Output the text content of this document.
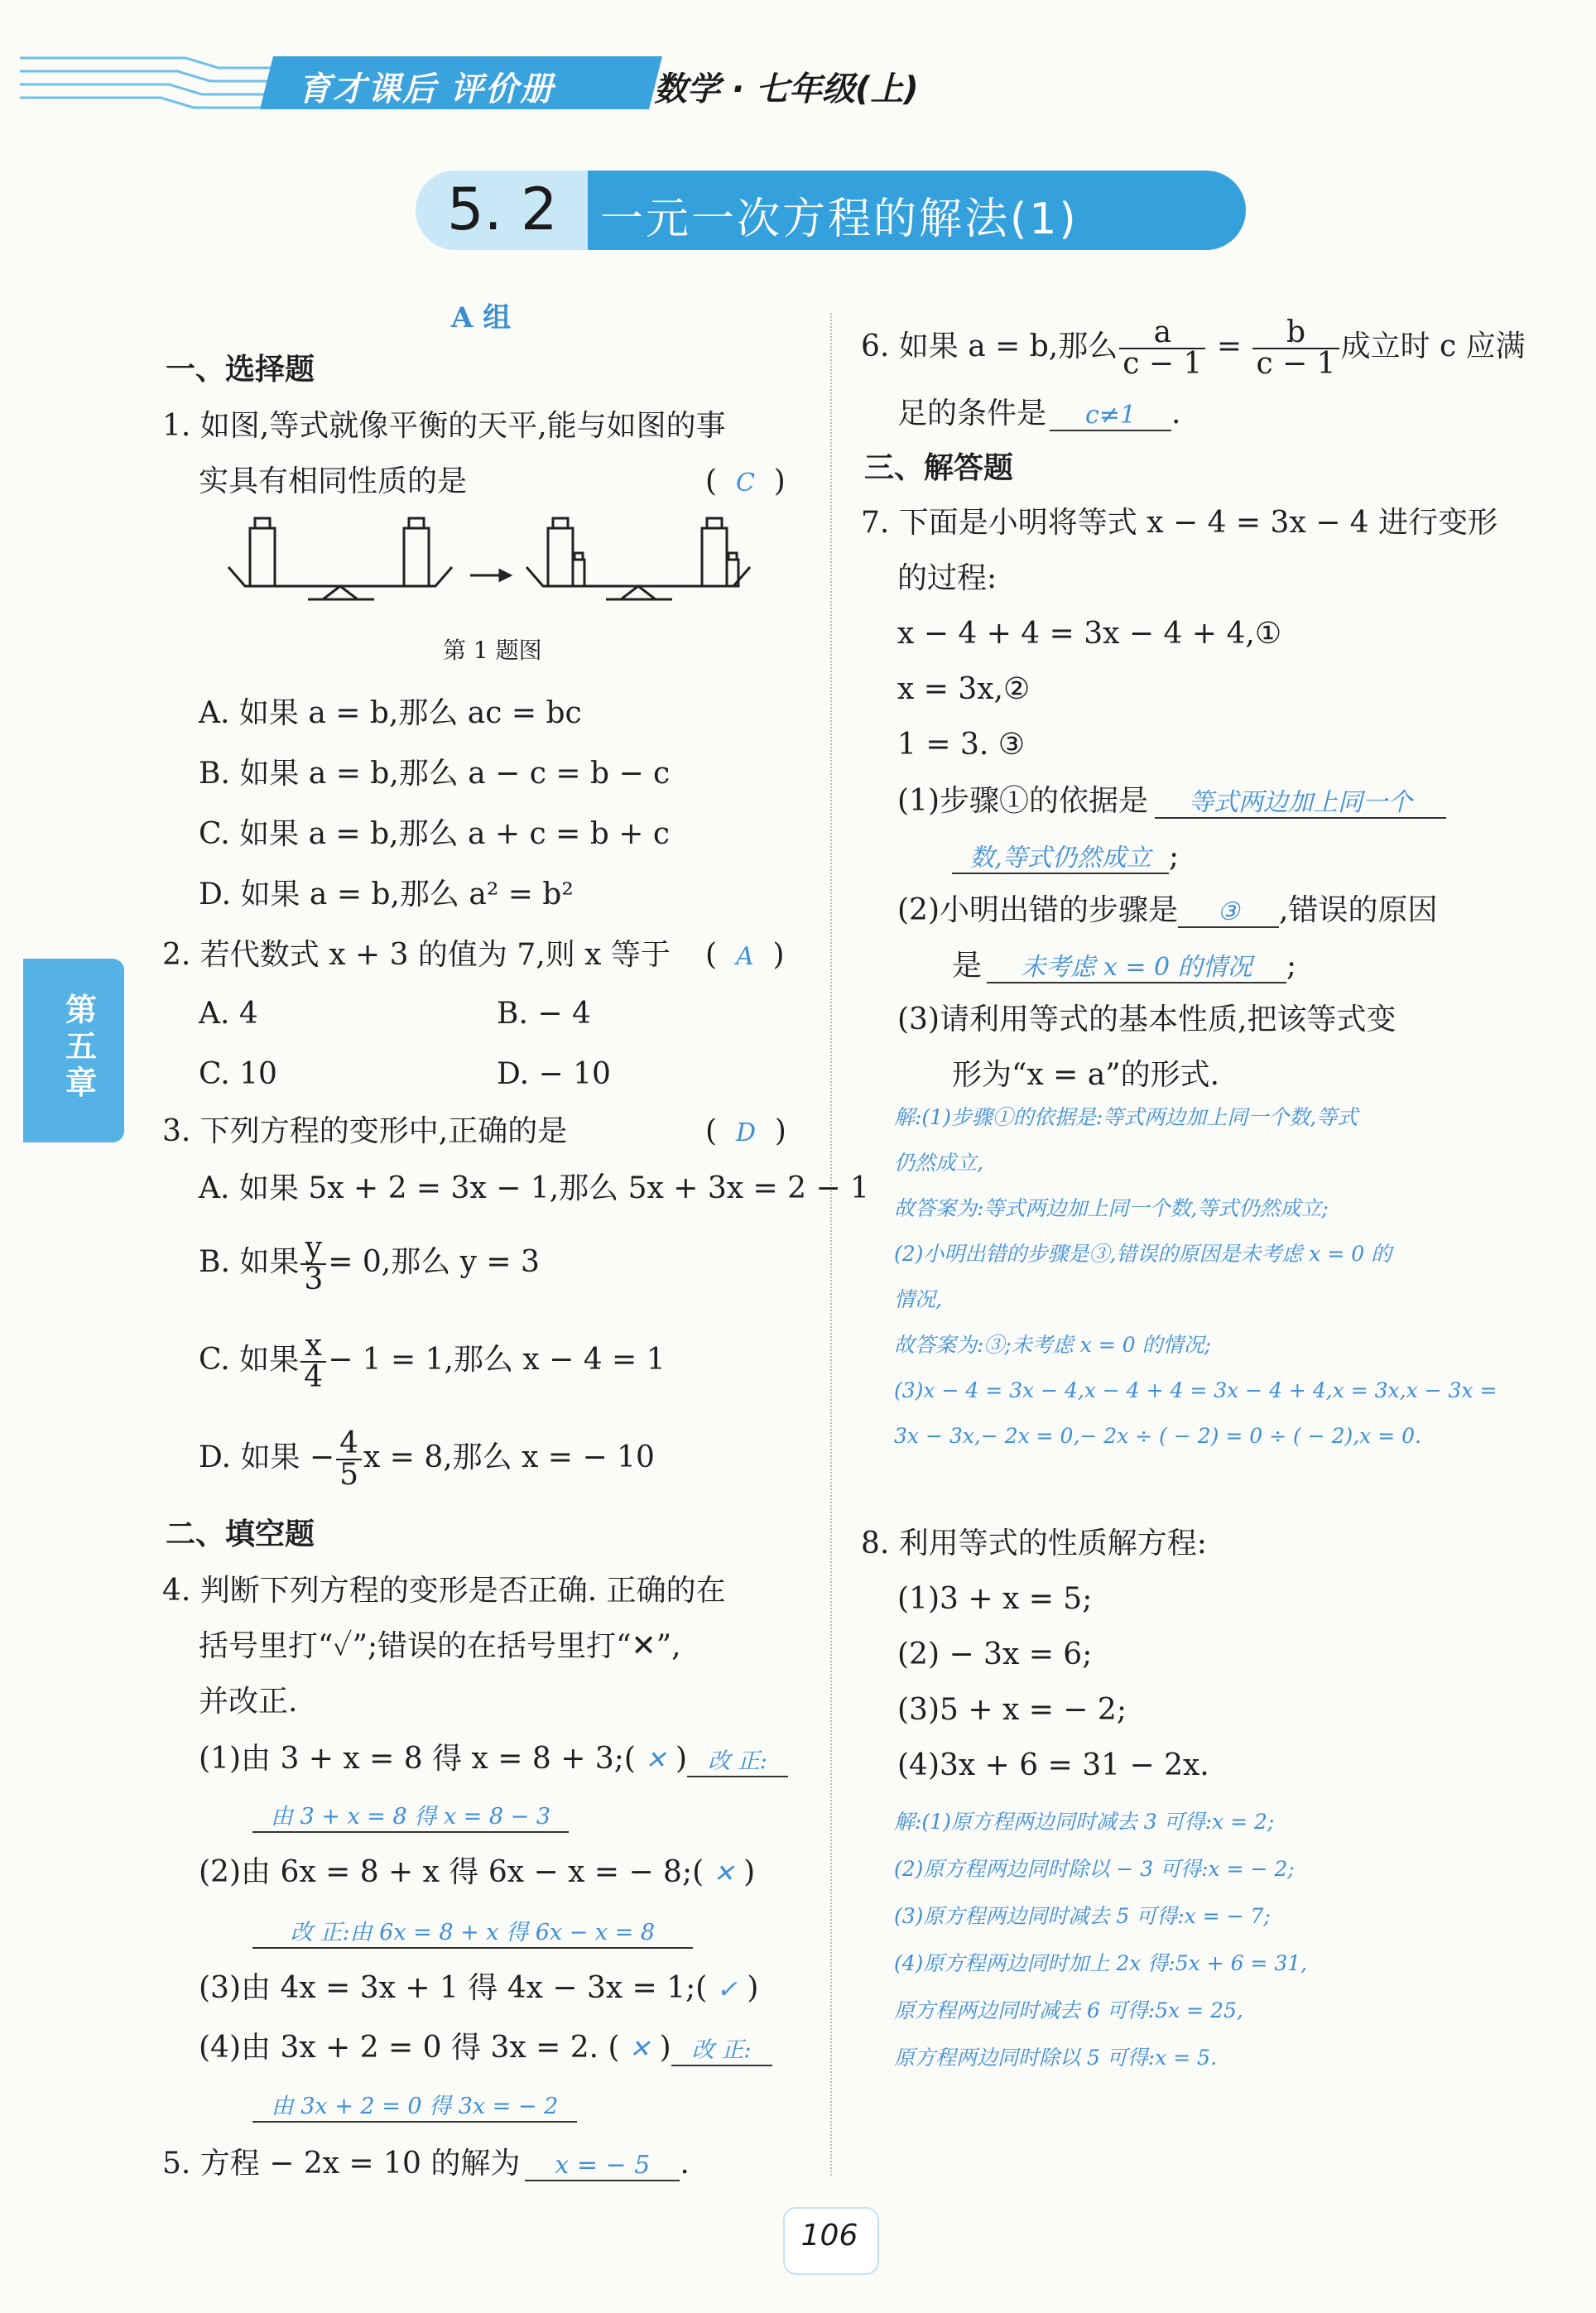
育才课后 评价册	数学 · 七年级(上)
5. 2 一元一次方程的解法(1)
第五章
A 组
一、选择题
1. 如图,等式就像平衡的天平,能与如图的事
实具有相同性质的是	(  C  )
第 1 题图
A. 如果 a = b,那么 ac = bc
B. 如果 a = b,那么 a − c = b − c
C. 如果 a = b,那么 a + c = b + c
D. 如果 a = b,那么 a² = b²
2. 若代数式 x + 3 的值为 7,则 x 等于 (  A  )
A. 4	B. − 4
C. 10	D. − 10
3. 下列方程的变形中,正确的是	(  D  )
A. 如果 5x + 2 = 3x − 1,那么 5x + 3x = 2 − 1
B. 如果 $\frac{y}{3} = 0$,那么 y = 3
C. 如果 $\frac{x}{4} - 1 = 1$,那么 x − 4 = 1
D. 如果 − $\frac{4}{5}$ x = 8,那么 x = − 10
二、填空题
4. 判断下列方程的变形是否正确. 正确的在
括号里打“✓”;错误的在括号里打“✕”,
并改正.
(1)由 3 + x = 8 得 x = 8 + 3;( ✕ ) 改 正:
由 3 + x = 8 得 x = 8 − 3
(2)由 6x = 8 + x 得 6x − x = − 8;( ✕ )
改 正:由 6x = 8 + x 得 6x − x = 8
(3)由 4x = 3x + 1 得 4x − 3x = 1;( ✓ )
(4)由 3x + 2 = 0 得 3x = 2. ( ✕ ) 改 正:
由 3x + 2 = 0 得 3x = − 2
5. 方程 − 2x = 10 的解为 x = − 5 .
6. 如果 a = b,那么 $\frac{a}{c - 1} = \frac{b}{c - 1}$ 成立时 c 应满
足的条件是 c≠1 .
三、解答题
7. 下面是小明将等式 x − 4 = 3x − 4 进行变形
的过程:
x − 4 + 4 = 3x − 4 + 4,①
x = 3x,②
1 = 3. ③
(1)步骤①的依据是 等式两边加上同一个
数,等式仍然成立 ;
(2)小明出错的步骤是 ③ ,错误的原因
是 未考虑 x = 0 的情况 ;
(3)请利用等式的基本性质,把该等式变
形为“x = a”的形式.
解:(1)步骤①的依据是:等式两边加上同一个数,等式
仍然成立,
故答案为:等式两边加上同一个数,等式仍然成立;
(2)小明出错的步骤是③,错误的原因是未考虑 x = 0 的
情况,
故答案为:③;未考虑 x = 0 的情况;
(3)x − 4 = 3x − 4,x − 4 + 4 = 3x − 4 + 4,x = 3x,x − 3x =
3x − 3x,− 2x = 0,− 2x ÷ ( − 2) = 0 ÷ ( − 2),x = 0.
8. 利用等式的性质解方程:
(1)3 + x = 5;
(2) − 3x = 6;
(3)5 + x = − 2;
(4)3x + 6 = 31 − 2x.
解:(1)原方程两边同时减去 3 可得:x = 2;
(2)原方程两边同时除以 − 3 可得:x = − 2;
(3)原方程两边同时减去 5 可得:x = − 7;
(4)原方程两边同时加上 2x 得:5x + 6 = 31,
原方程两边同时减去 6 可得:5x = 25,
原方程两边同时除以 5 可得:x = 5.
106
